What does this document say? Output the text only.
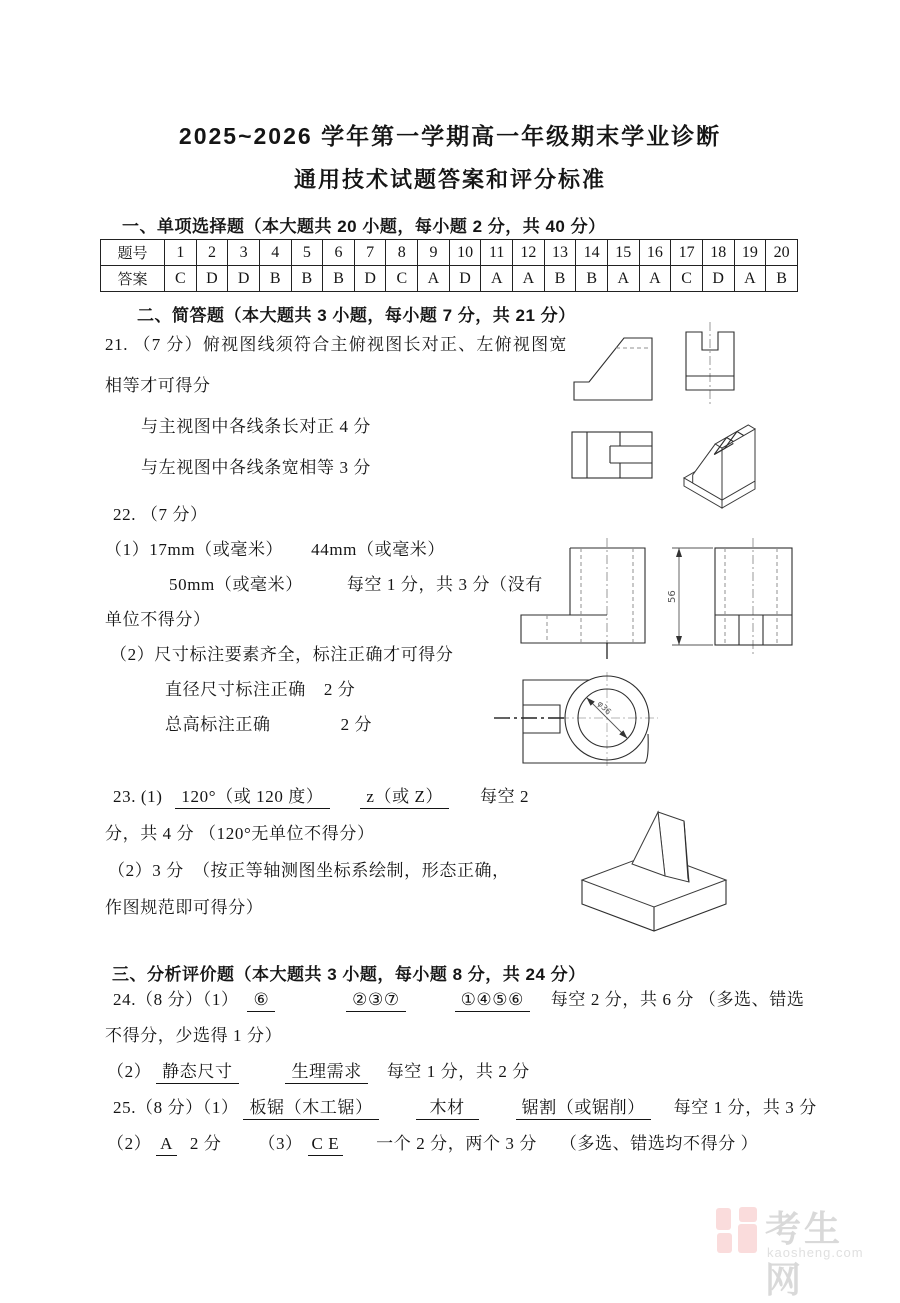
2025~2026 学年第一学期高一年级期末学业诊断
通用技术试题答案和评分标准
一、单项选择题（本大题共 20 小题，每小题 2 分，共 40 分）
题号	1	2	3	4	5	6	7	8	9	10	11	12	13	14	15	16	17	18	19	20
答案	C	D	D	B	B	B	D	C	A	D	A	A	B	B	A	A	C	D	A	B
二、简答题（本大题共 3 小题，每小题 7 分，共 21 分）
21. （7 分）俯视图线须符合主俯视图长对正、左俯视图宽
相等才可得分
与主视图中各线条长对正 4 分
与左视图中各线条宽相等 3 分
22. （7 分）
（1）17mm（或毫米） 44mm（或毫米）
50mm（或毫米）	每空 1 分，共 3 分（没有
单位不得分）
（2）尺寸标注要素齐全，标注正确才可得分
直径尺寸标注正确 2 分
总高标注正确	2 分
56
φ36
23. (1) 120°（或 120 度）	z（或 Z） 每空 2
分，共 4 分 （120°无单位不得分）
（2）3 分　（按正等轴测图坐标系绘制，形态正确，
作图规范即可得分）
三、分析评价题（本大题共 3 小题，每小题 8 分，共 24 分）
24.（8 分）（1） ⑥	②③⑦	①④⑤⑥ 每空 2 分，共 6 分 （多选、错选
不得分，少选得 1 分）
（2） 静态尺寸	生理需求 每空 1 分，共 2 分
25.（8 分）（1） 板锯（木工锯）	木材	锯割（或锯削） 每空 1 分，共 3 分
（2） A 2 分 （3） C E 一个 2 分，两个 3 分 （多选、错选均不得分 ）
考生网
kaosheng.com
